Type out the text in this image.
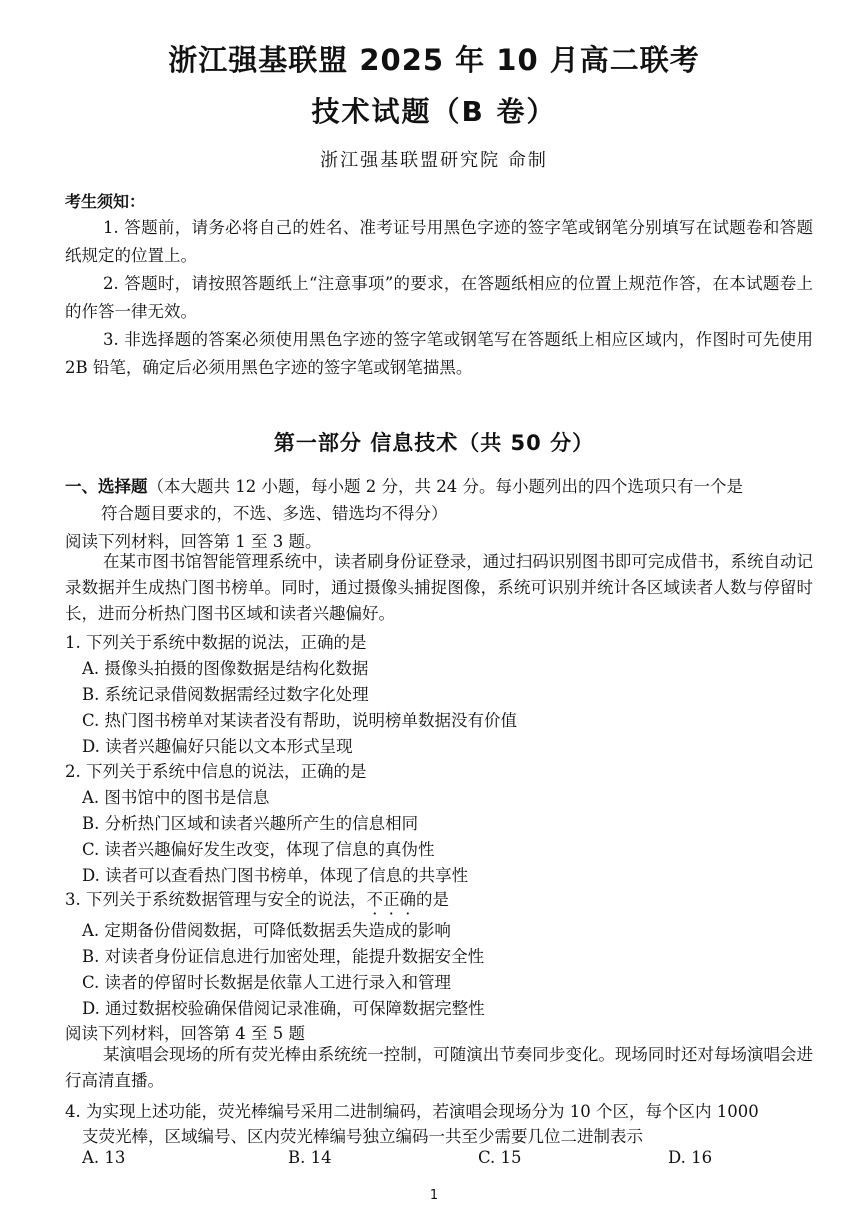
浙江强基联盟 2025 年 10 月高二联考
技术试题（B 卷）
浙江强基联盟研究院 命制
考生须知：
1. 答题前，请务必将自己的姓名、准考证号用黑色字迹的签字笔或钢笔分别填写在试题卷和答题纸规定的位置上。
2. 答题时，请按照答题纸上“注意事项”的要求，在答题纸相应的位置上规范作答，在本试题卷上的作答一律无效。
3. 非选择题的答案必须使用黑色字迹的签字笔或钢笔写在答题纸上相应区域内，作图时可先使用 2B 铅笔，确定后必须用黑色字迹的签字笔或钢笔描黑。
第一部分 信息技术（共 50 分）
一、选择题（本大题共 12 小题，每小题 2 分，共 24 分。每小题列出的四个选项只有一个是
符合题目要求的，不选、多选、错选均不得分）
阅读下列材料，回答第 1 至 3 题。
在某市图书馆智能管理系统中，读者刷身份证登录，通过扫码识别图书即可完成借书，系统自动记录数据并生成热门图书榜单。同时，通过摄像头捕捉图像，系统可识别并统计各区域读者人数与停留时长，进而分析热门图书区域和读者兴趣偏好。
1. 下列关于系统中数据的说法，正确的是
A. 摄像头拍摄的图像数据是结构化数据
B. 系统记录借阅数据需经过数字化处理
C. 热门图书榜单对某读者没有帮助，说明榜单数据没有价值
D. 读者兴趣偏好只能以文本形式呈现
2. 下列关于系统中信息的说法，正确的是
A. 图书馆中的图书是信息
B. 分析热门区域和读者兴趣所产生的信息相同
C. 读者兴趣偏好发生改变，体现了信息的真伪性
D. 读者可以查看热门图书榜单，体现了信息的共享性
3. 下列关于系统数据管理与安全的说法，不正确的是
A. 定期备份借阅数据，可降低数据丢失造成的影响
B. 对读者身份证信息进行加密处理，能提升数据安全性
C. 读者的停留时长数据是依靠人工进行录入和管理
D. 通过数据校验确保借阅记录准确，可保障数据完整性
阅读下列材料，回答第 4 至 5 题
某演唱会现场的所有荧光棒由系统统一控制，可随演出节奏同步变化。现场同时还对每场演唱会进行高清直播。
4. 为实现上述功能，荧光棒编号采用二进制编码，若演唱会现场分为 10 个区，每个区内 1000
支荧光棒，区域编号、区内荧光棒编号独立编码一共至少需要几位二进制表示
A. 13	B. 14	C. 15	D. 16
1
